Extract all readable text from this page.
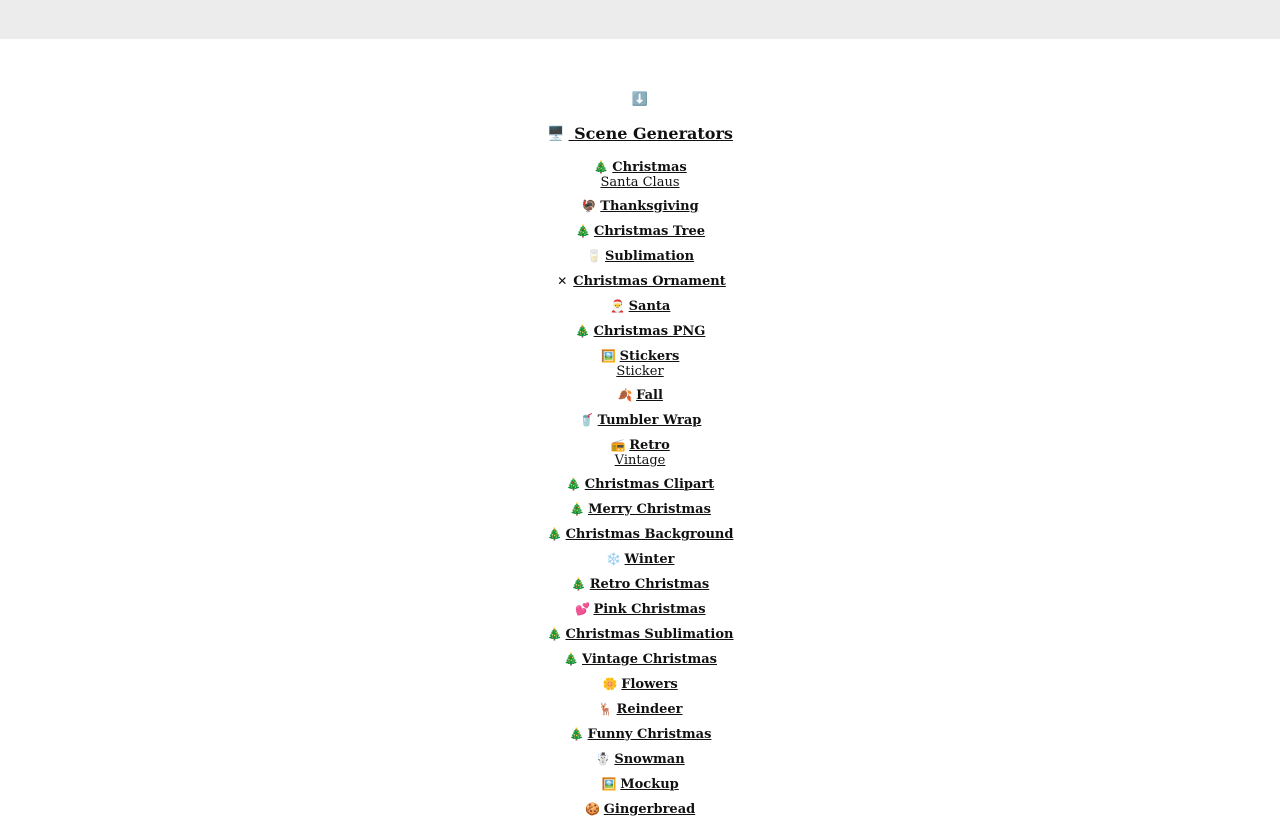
⬇️
🖥️ Scene Generators
🎄 Christmas
Santa Claus
🦃 Thanksgiving
🎄 Christmas Tree
🥛 Sublimation
✕ Christmas Ornament
🎅 Santa
🎄 Christmas PNG
🖼️ Stickers
Sticker
🍂 Fall
🥤 Tumbler Wrap
📻 Retro
Vintage
🎄 Christmas Clipart
🎄 Merry Christmas
🎄 Christmas Background
❄️ Winter
🎄 Retro Christmas
💕 Pink Christmas
🎄 Christmas Sublimation
🎄 Vintage Christmas
🌼 Flowers
🦌 Reindeer
🎄 Funny Christmas
☃️ Snowman
🖼️ Mockup
🍪 Gingerbread
